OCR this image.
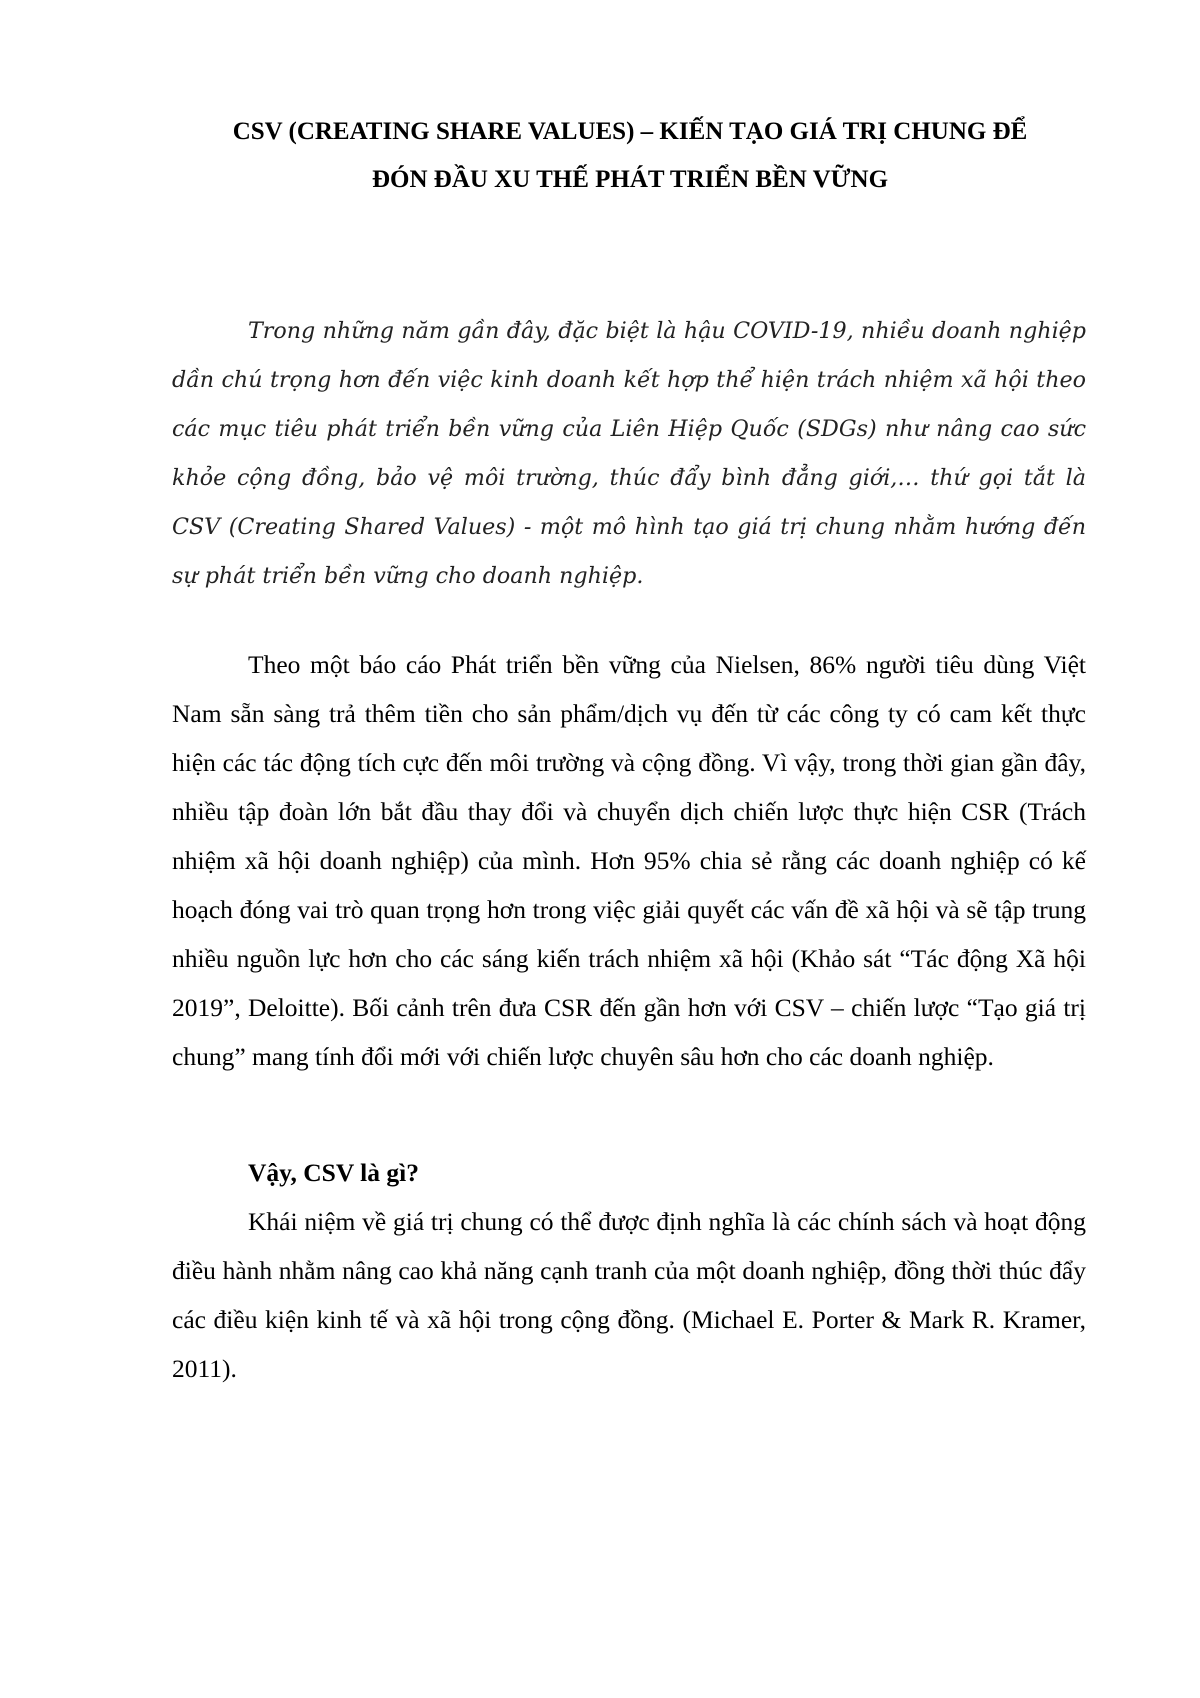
CSV (CREATING SHARE VALUES) – KIẾN TẠO GIÁ TRỊ CHUNG ĐỂ
ĐÓN ĐẦU XU THẾ PHÁT TRIỂN BỀN VỮNG

Trong những năm gần đây, đặc biệt là hậu COVID-19, nhiều doanh nghiệp dần chú trọng hơn đến việc kinh doanh kết hợp thể hiện trách nhiệm xã hội theo các mục tiêu phát triển bền vững của Liên Hiệp Quốc (SDGs) như nâng cao sức khỏe cộng đồng, bảo vệ môi trường, thúc đẩy bình đẳng giới,… thứ gọi tắt là CSV (Creating Shared Values) - một mô hình tạo giá trị chung nhằm hướng đến sự phát triển bền vững cho doanh nghiệp.

Theo một báo cáo Phát triển bền vững của Nielsen, 86% người tiêu dùng Việt Nam sẵn sàng trả thêm tiền cho sản phẩm/dịch vụ đến từ các công ty có cam kết thực hiện các tác động tích cực đến môi trường và cộng đồng. Vì vậy, trong thời gian gần đây, nhiều tập đoàn lớn bắt đầu thay đổi và chuyển dịch chiến lược thực hiện CSR (Trách nhiệm xã hội doanh nghiệp) của mình. Hơn 95% chia sẻ rằng các doanh nghiệp có kế hoạch đóng vai trò quan trọng hơn trong việc giải quyết các vấn đề xã hội và sẽ tập trung nhiều nguồn lực hơn cho các sáng kiến trách nhiệm xã hội (Khảo sát “Tác động Xã hội 2019”, Deloitte). Bối cảnh trên đưa CSR đến gần hơn với CSV – chiến lược “Tạo giá trị chung” mang tính đổi mới với chiến lược chuyên sâu hơn cho các doanh nghiệp.

Vậy, CSV là gì?

Khái niệm về giá trị chung có thể được định nghĩa là các chính sách và hoạt động điều hành nhằm nâng cao khả năng cạnh tranh của một doanh nghiệp, đồng thời thúc đẩy các điều kiện kinh tế và xã hội trong cộng đồng. (Michael E. Porter & Mark R. Kramer, 2011).
